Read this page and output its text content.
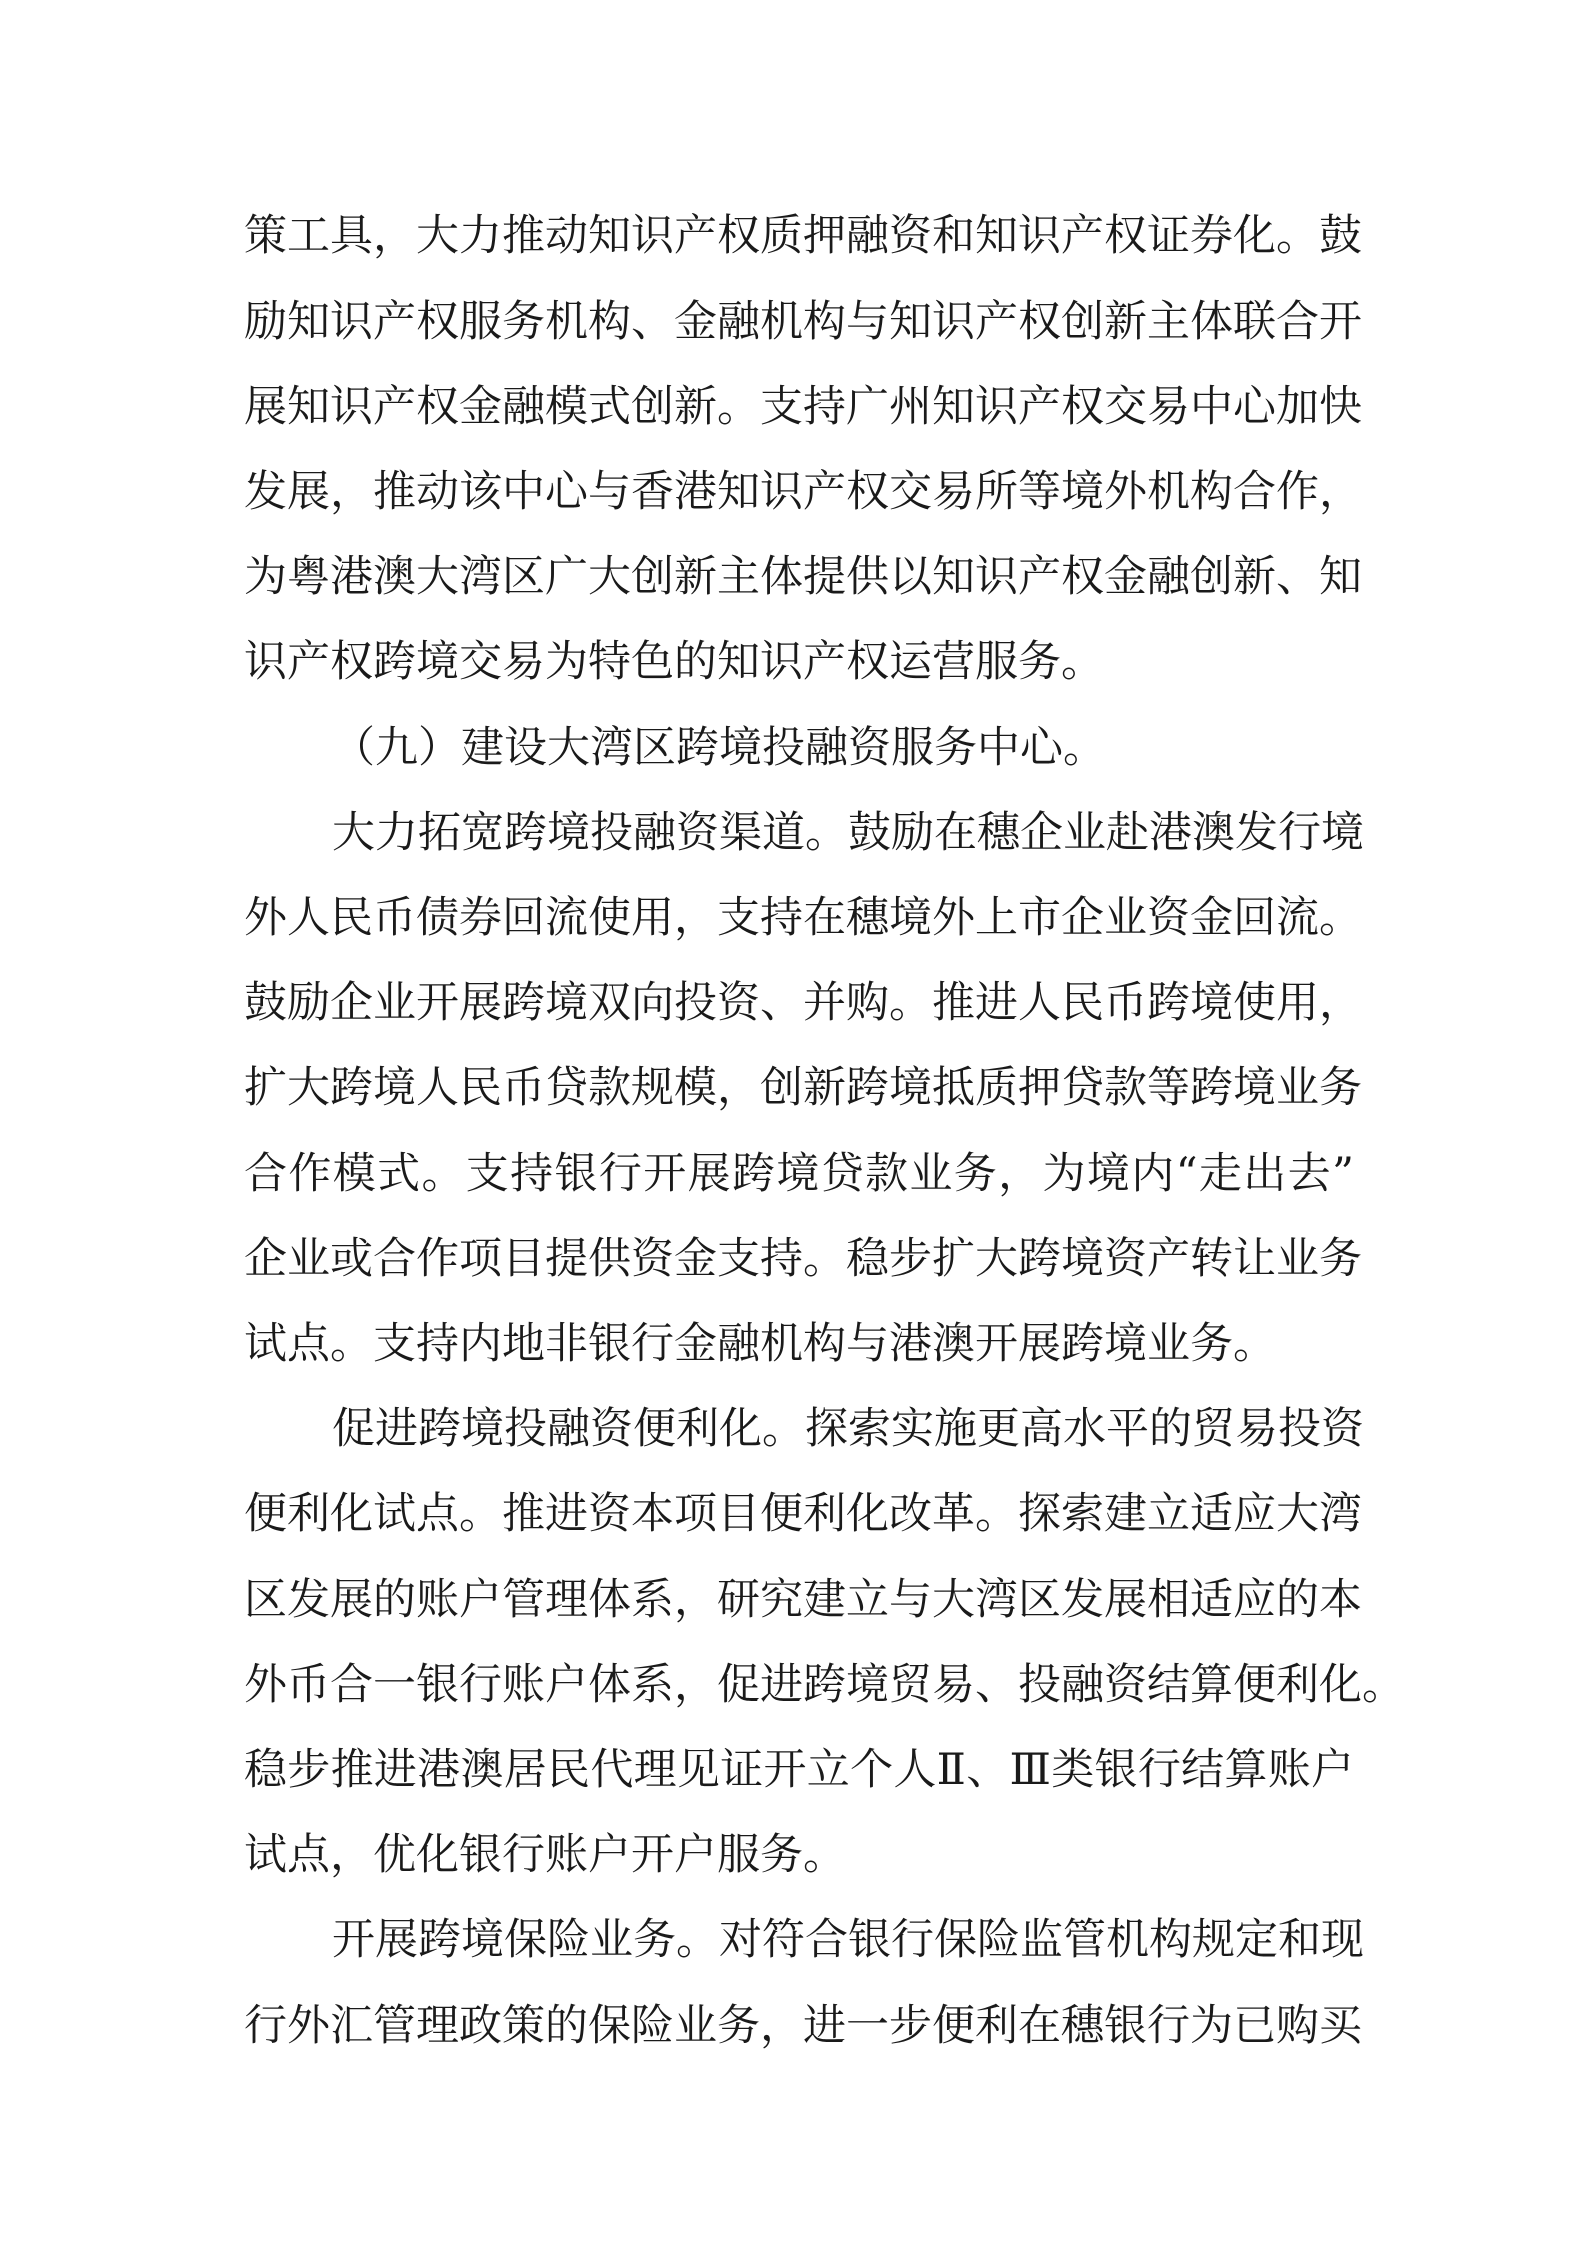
策工具，大力推动知识产权质押融资和知识产权证券化。鼓
励知识产权服务机构、金融机构与知识产权创新主体联合开
展知识产权金融模式创新。支持广州知识产权交易中心加快
发展，推动该中心与香港知识产权交易所等境外机构合作，
为粤港澳大湾区广大创新主体提供以知识产权金融创新、知
识产权跨境交易为特色的知识产权运营服务。
（九）建设大湾区跨境投融资服务中心。
大力拓宽跨境投融资渠道。鼓励在穗企业赴港澳发行境
外人民币债券回流使用，支持在穗境外上市企业资金回流。
鼓励企业开展跨境双向投资、并购。推进人民币跨境使用，
扩大跨境人民币贷款规模，创新跨境抵质押贷款等跨境业务
合作模式。支持银行开展跨境贷款业务，为境内“走出去”
企业或合作项目提供资金支持。稳步扩大跨境资产转让业务
试点。支持内地非银行金融机构与港澳开展跨境业务。
促进跨境投融资便利化。探索实施更高水平的贸易投资
便利化试点。推进资本项目便利化改革。探索建立适应大湾
区发展的账户管理体系，研究建立与大湾区发展相适应的本
外币合一银行账户体系，促进跨境贸易、投融资结算便利化。
稳步推进港澳居民代理见证开立个人Ⅱ、Ⅲ类银行结算账户
试点，优化银行账户开户服务。
开展跨境保险业务。对符合银行保险监管机构规定和现
行外汇管理政策的保险业务，进一步便利在穗银行为已购买
